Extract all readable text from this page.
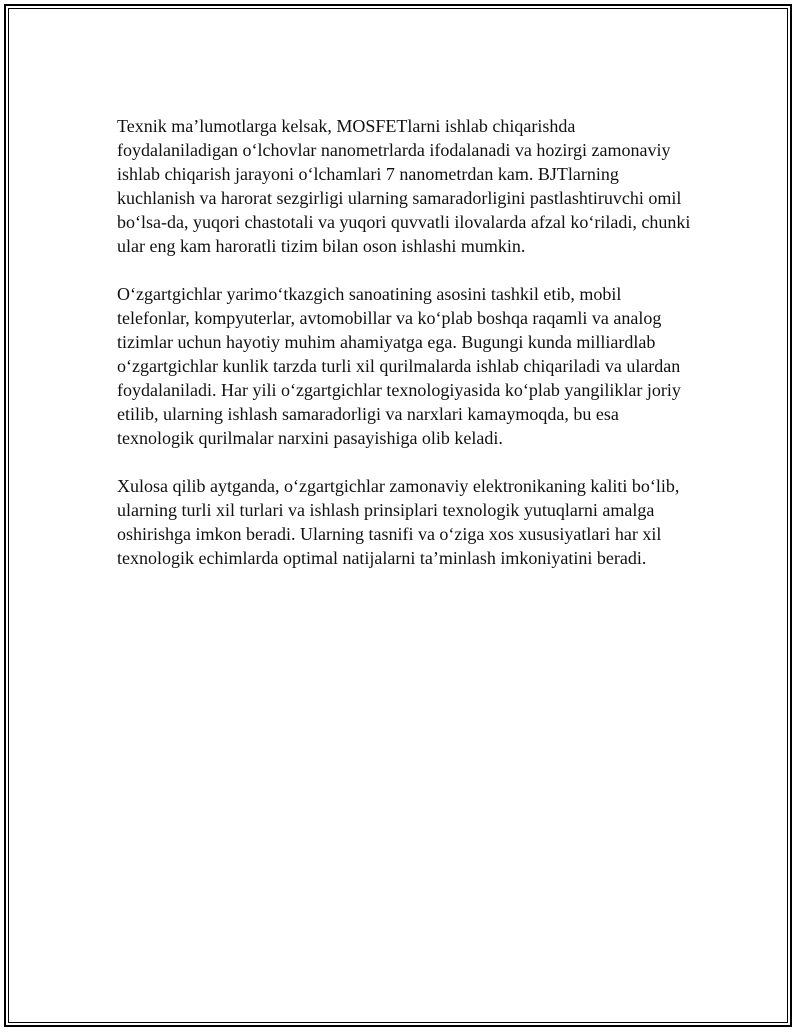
Texnik maʼlumotlarga kelsak, MOSFETlarni ishlab chiqarishda foydalaniladigan oʻlchovlar nanometrlarda ifodalanadi va hozirgi zamonaviy ishlab chiqarish jarayoni oʻlchamlari 7 nanometrdan kam. BJTlarning kuchlanish va harorat sezgirligi ularning samaradorligini pastlashtiruvchi omil boʻlsa-da, yuqori chastotali va yuqori quvvatli ilovalarda afzal koʻriladi, chunki ular eng kam haroratli tizim bilan oson ishlashi mumkin.

Oʻzgartgichlar yarimoʻtkazgich sanoatining asosini tashkil etib, mobil telefonlar, kompyuterlar, avtomobillar va koʻplab boshqa raqamli va analog tizimlar uchun hayotiy muhim ahamiyatga ega. Bugungi kunda milliardlab oʻzgartgichlar kunlik tarzda turli xil qurilmalarda ishlab chiqariladi va ulardan foydalaniladi. Har yili oʻzgartgichlar texnologiyasida koʻplab yangiliklar joriy etilib, ularning ishlash samaradorligi va narxlari kamaymoqda, bu esa texnologik qurilmalar narxini pasayishiga olib keladi.

Xulosa qilib aytganda, oʻzgartgichlar zamonaviy elektronikaning kaliti boʻlib, ularning turli xil turlari va ishlash prinsiplari texnologik yutuqlarni amalga oshirishga imkon beradi. Ularning tasnifi va oʻziga xos xususiyatlari har xil texnologik echimlarda optimal natijalarni taʼminlash imkoniyatini beradi.
